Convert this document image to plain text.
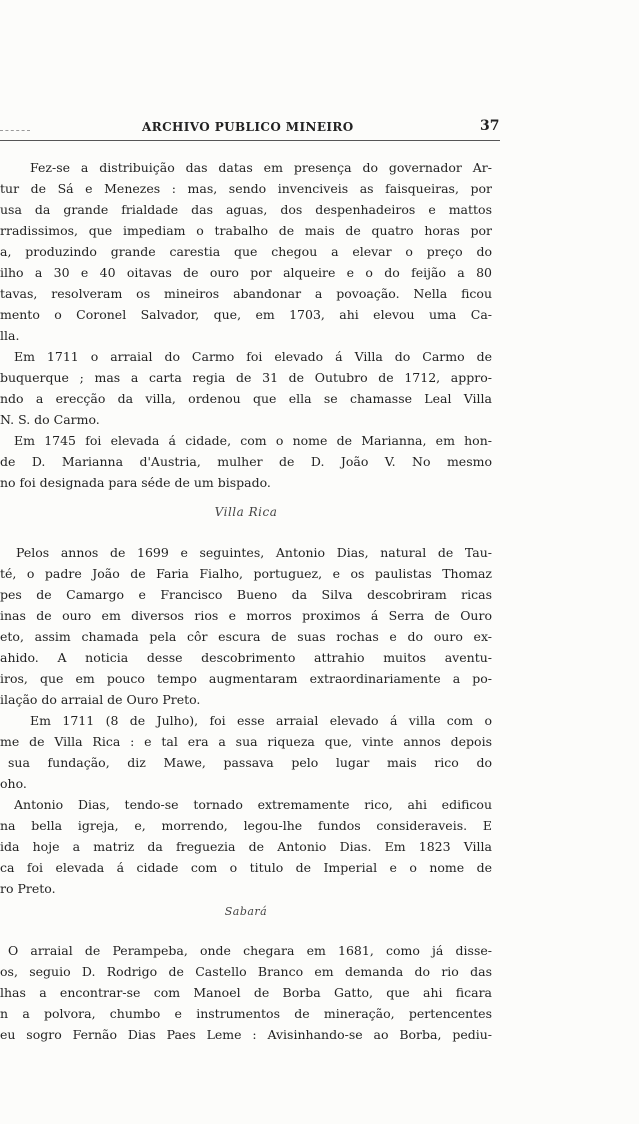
ARCHIVO PUBLICO MINEIRO	37
Fez-se a distribuição das datas em presença do governador Ar-
tur de Sá e Menezes : mas, sendo invenciveis as faisqueiras, por
usa da grande frialdade das aguas, dos despenhadeiros e mattos
rradissimos, que impediam o trabalho de mais de quatro horas por
a, produzindo grande carestia que chegou a elevar o preço do
ilho a 30 e 40 oitavas de ouro por alqueire e o do feijão a 80
tavas, resolveram os mineiros abandonar a povoação. Nella ficou
mento o Coronel Salvador, que, em 1703, ahi elevou uma Ca-
lla.
Em 1711 o arraial do Carmo foi elevado á Villa do Carmo de
buquerque ; mas a carta regia de 31 de Outubro de 1712, appro-
ndo a erecção da villa, ordenou que ella se chamasse Leal Villa
N. S. do Carmo.
Em 1745 foi elevada á cidade, com o nome de Marianna, em hon-
de D. Marianna d'Austria, mulher de D. João V. No mesmo
no foi designada para séde de um bispado.
Villa Rica
Pelos annos de 1699 e seguintes, Antonio Dias, natural de Tau-
té, o padre João de Faria Fialho, portuguez, e os paulistas Thomaz
pes de Camargo e Francisco Bueno da Silva descobriram ricas
inas de ouro em diversos rios e morros proximos á Serra de Ouro
eto, assim chamada pela côr escura de suas rochas e do ouro ex-
ahido. A noticia desse descobrimento attrahio muitos aventu-
iros, que em pouco tempo augmentaram extraordinariamente a po-
ilação do arraial de Ouro Preto.
Em 1711 (8 de Julho), foi esse arraial elevado á villa com o
me de Villa Rica : e tal era a sua riqueza que, vinte annos depois
sua fundação, diz Mawe, passava pelo lugar mais rico do
oho.
Antonio Dias, tendo-se tornado extremamente rico, ahi edificou
na bella igreja, e, morrendo, legou-lhe fundos consideraveis. E
ida hoje a matriz da freguezia de Antonio Dias. Em 1823 Villa
ca foi elevada á cidade com o titulo de Imperial e o nome de
ro Preto.
Sabará
O arraial de Perampeba, onde chegara em 1681, como já disse-
os, seguio D. Rodrigo de Castello Branco em demanda do rio das
lhas a encontrar-se com Manoel de Borba Gatto, que ahi ficara
n a polvora, chumbo e instrumentos de mineração, pertencentes
eu sogro Fernão Dias Paes Leme : Avisinhando-se ao Borba, pediu-
